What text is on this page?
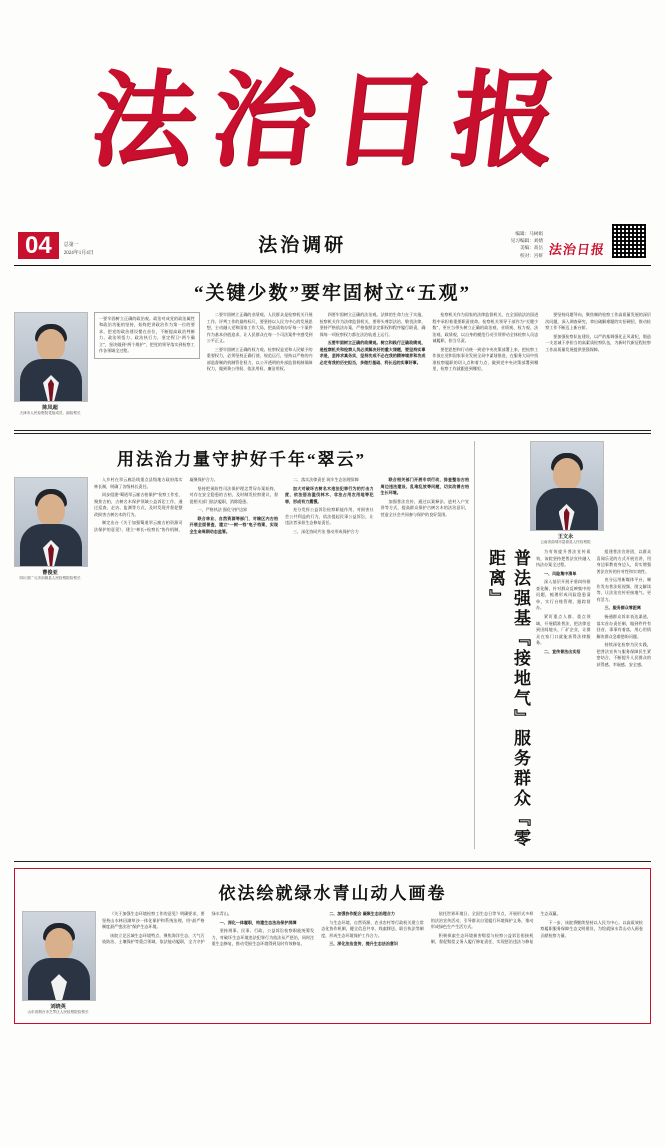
法治日报
04	总第一
2024年1月4日	法治调研
编辑：马树娟
见习编辑：刘婧
美编：高岳
校对：宫妍 法治日报
“关键少数”要牢固树立“五观”
陈凤超
天津市人民检察院党组成员、副检察长
一要牢固树立正确的政治观。政治对成党的政治属性和政治功能的坚持，始终把讲政治作为第一位的要求，把党的政治建设摆在首位，不断提高政治判断力、政治领悟力、政治执行力，坚定捍卫“两个确立”，坚决做到“两个维护”，把党的领导落实到检察工作各领域全过程。

二要牢固树立正确的业绩观。人民群众是检察机关开展工作、评判工作的最终标尺，要坚持以人民为中心的发展思想，主动融入党和国家工作大局，把高质效办好每一个案件作为基本价值追求，让人民群众在每一个司法案件中感受到公平正义。

三要牢固树立正确的权力观。检察权是党和人民赋予的重要权力，必须坚持正确行使、规范运行，坚持以严格的内部监督制约机制管住权力，以公开透明的外部监督机制保障权力，做到秉公用权、依法用权、廉洁用权。

四要牢固树立正确的法治观。法律的生命力在于实施，检察机关作为法律监督机关，要带头尊崇法治、敬畏法律，坚持严格依法办案，严格依照法定职权和程序履行职责，确保每一项检察权力都在法治轨道上运行。

五要牢固树立正确的政绩观。树立和践行正确政绩观，是检察机关和检察人员必须解决好的重大课题，要坚持实事求是，坚持求真务实，坚持功成不必在我的精神境界和功成必定有我的历史担当，多做打基础、利长远的实事好事。

检察机关作为国家的法律监督机关，在全面依法治国进程中承担着重要职责使命。检察机关领导干部作为“关键少数”，更应当带头树立正确的政治观、业绩观、权力观、法治观、政绩观，以自身的模范行动引领带动全体检察人员忠诚履职、担当尽责。

要把思想和行动统一到党中央决策部署上来，把检察工作放在党和国家事业发展全局中谋划推进，在服务大局中找准检察履职的切入点和着力点，做到党中央决策部署到哪里，检察工作就跟进到哪里。

要坚持问题导向，聚焦制约检察工作高质量发展的深层次问题，深入调查研究，拿出破解难题的实招硬招，推动检察工作不断迈上新台阶。

要加强检察队伍建设，以严的基调强化正风肃纪，锻造一支忠诚干净担当的高素质检察队伍，为新时代新征程检察工作高质量发展提供坚强保障。

用法治力量守护好千年“翠云”
曹俊亚
四川省广元市剑阁县人民检察院检察长

入乡村在翠云廊沿线重点县级地方政府落实林长制，明确了各级林长责任。

同步组建“蜀道翠云廊古柏保护”检察工作室，聚焦古柏、古树名木保护领域公益诉讼工作，通过巡查、走访、监测等方式，及时发现并督促整改损害古树名木的行为。

制定出台《关于加强蜀道翠云廊古柏资源司法保护的意见》，建立“林长+检察长”协作机制，凝聚保护合力。

坚持把预防性司法保护理念贯穿办案始终，对存在安全隐患的古柏，及时制发检察建议，督促相关部门依法履职，消除隐患。

一、严格执法 强化守护边界

联合林业、自然资源等部门，对辖区内古柏开展全面普查，建立“一树一档”电子档案，实现全生命周期动态监管。

二、落实法律责任 筑牢生态治理屏障

加大对破坏古树名木违法犯罪行为的打击力度，依法惩治滥伐林木、非法占用农用地等犯罪，形成有力震慑。

充分发挥公益诉讼检察职能作用，对损害社会公共利益的行为，依法提起民事公益诉讼，让违法者承担生态修复责任。

三、深化协同共治 推动形成保护合力

联合相关部门开展专项行动，排查整治古柏周边违法建设、乱堆乱放等问题，切实改善古柏生长环境。

加强普法宣传，通过以案释法、进村入户宣讲等方式，提高群众保护古树名木的法治意识，营造全社会共同参与保护的良好氛围。

王文永
云南省曲靖市富源县人民检察院
普法强基『接地气』服务群众『零距离』	为有效提升普法宣传质效，该院坚持把普法宣传融入执法办案全过程。

一、风险集中清单

深入基层开展矛盾纠纷排查化解，针对群众反映集中的问题，梳理形成风险隐患清单，实行台账管理、跟踪督办。

紧盯重点人群、重点领域，开展精准普法，把法律送到田间地头、厂矿企业，让群众在家门口就能获得法律服务。

二、宣传普法出实招

组建普法宣讲团，以群众喜闻乐见的方式开展宣讲，用身边事教育身边人，切实增强普法宣传的针对性和实效性。

充分运用新媒体平台，制作发布普法短视频、图文解读等，让法治宣传更接地气、更有活力。

三、服务群众零距离

畅通群众诉求表达渠道，落实首办责任制，做到件件有回音、事事有着落，用心用情解决群众急难愁盼问题。

持续深化检察为民实践，把普法宣传与服务保障民生紧密结合，不断提升人民群众的获得感、幸福感、安全感。

依法绘就绿水青山动人画卷
刘晓英
山东省烟台市芝罘区人民检察院检察长

《关于加强生态环境检察工作的意见》明确要求，要坚持山水林田湖草沙一体化保护和系统治理，用“最严格制度最严密法治”保护生态环境。

该院立足区域生态环境特点，聚焦海洋生态、大气污染防治、土壤保护等重点领域，依法能动履职，全力守护绿水青山。

一、深化一体履职，构建生态法治保护屏障

坚持刑事、民事、行政、公益诉讼检察职能统筹发力，对破坏生态环境违法犯罪行为依法从严惩治，同时注重生态修复，推动受损生态环境得到及时有效修复。

二、加强协作配合 凝聚生态治理合力

与生态环境、自然资源、农业农村等行政机关建立常态化协作机制，健全信息共享、线索移送、联合执法等制度，形成生态环境保护工作合力。

三、深化法治宣传，提升生态法治意识

依托世界环境日、全国生态日等节点，开展形式多样的法治宣传活动，引导群众自觉履行环境保护义务，推动形成绿色生产生活方式。

积极探索生态环境损害赔偿与检察公益诉讼衔接机制，督促赔偿义务人履行修复责任，实现惩治违法与修复生态双赢。

下一步，该院将继续坚持以人民为中心，以高质效检察履职服务保障生态文明建设，为绘就绿水青山动人画卷贡献检察力量。
